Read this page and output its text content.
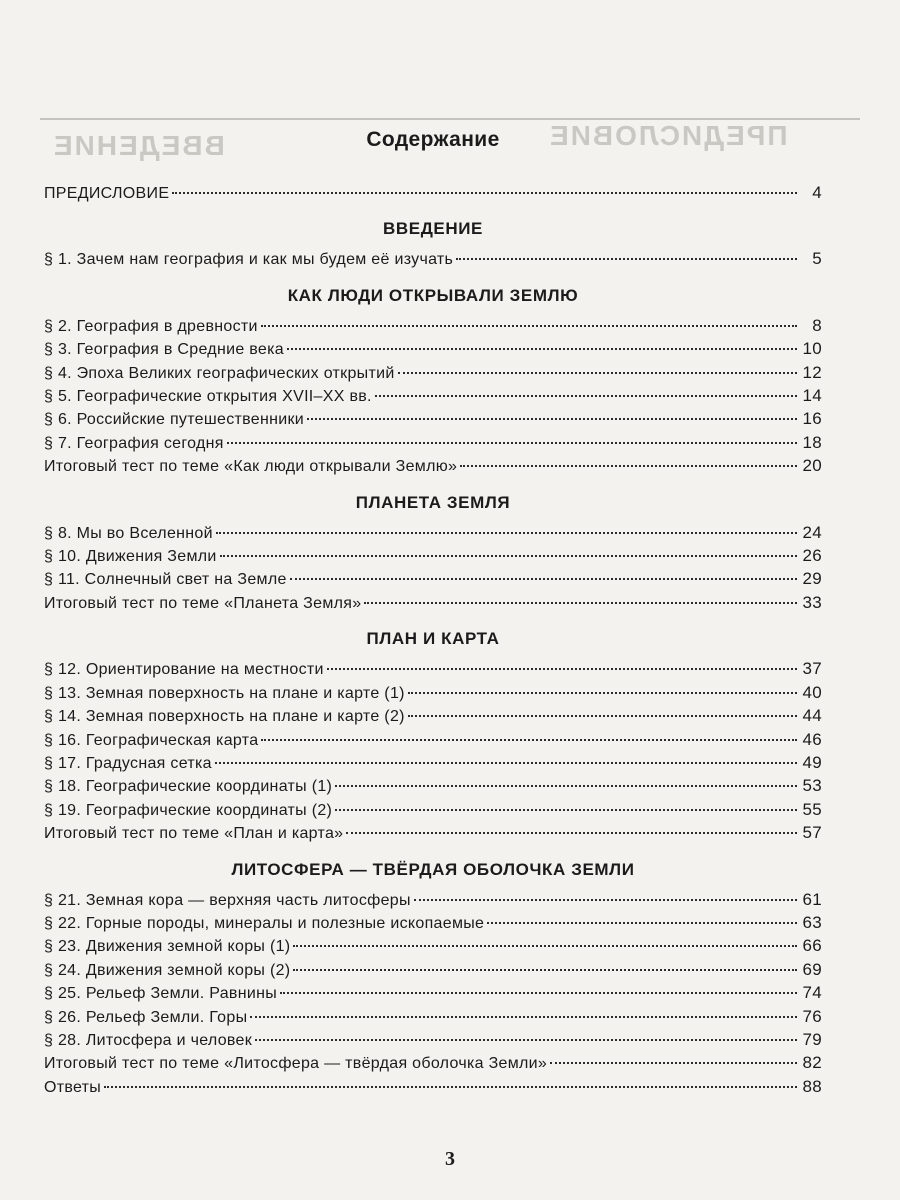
ВВЕДЕНИЕ	ПРЕДИСЛОВИЕ
Содержание
ПРЕДИСЛОВИЕ	4
ВВЕДЕНИЕ
§ 1. Зачем нам география и как мы будем её изучать	5
КАК ЛЮДИ ОТКРЫВАЛИ ЗЕМЛЮ
§ 2. География в древности	8
§ 3. География в Средние века	10
§ 4. Эпоха Великих географических открытий	12
§ 5. Географические открытия XVII–XX вв.	14
§ 6. Российские путешественники	16
§ 7. География сегодня	18
Итоговый тест по теме «Как люди открывали Землю»	20
ПЛАНЕТА ЗЕМЛЯ
§ 8. Мы во Вселенной	24
§ 10. Движения Земли	26
§ 11. Солнечный свет на Земле	29
Итоговый тест по теме «Планета Земля»	33
ПЛАН И КАРТА
§ 12. Ориентирование на местности	37
§ 13. Земная поверхность на плане и карте (1)	40
§ 14. Земная поверхность на плане и карте (2)	44
§ 16. Географическая карта	46
§ 17. Градусная сетка	49
§ 18. Географические координаты (1)	53
§ 19. Географические координаты (2)	55
Итоговый тест по теме «План и карта»	57
ЛИТОСФЕРА — ТВЁРДАЯ ОБОЛОЧКА ЗЕМЛИ
§ 21. Земная кора — верхняя часть литосферы	61
§ 22. Горные породы, минералы и полезные ископаемые	63
§ 23. Движения земной коры (1)	66
§ 24. Движения земной коры (2)	69
§ 25. Рельеф Земли. Равнины	74
§ 26. Рельеф Земли. Горы	76
§ 28. Литосфера и человек	79
Итоговый тест по теме «Литосфера — твёрдая оболочка Земли»	82
Ответы	88
3
